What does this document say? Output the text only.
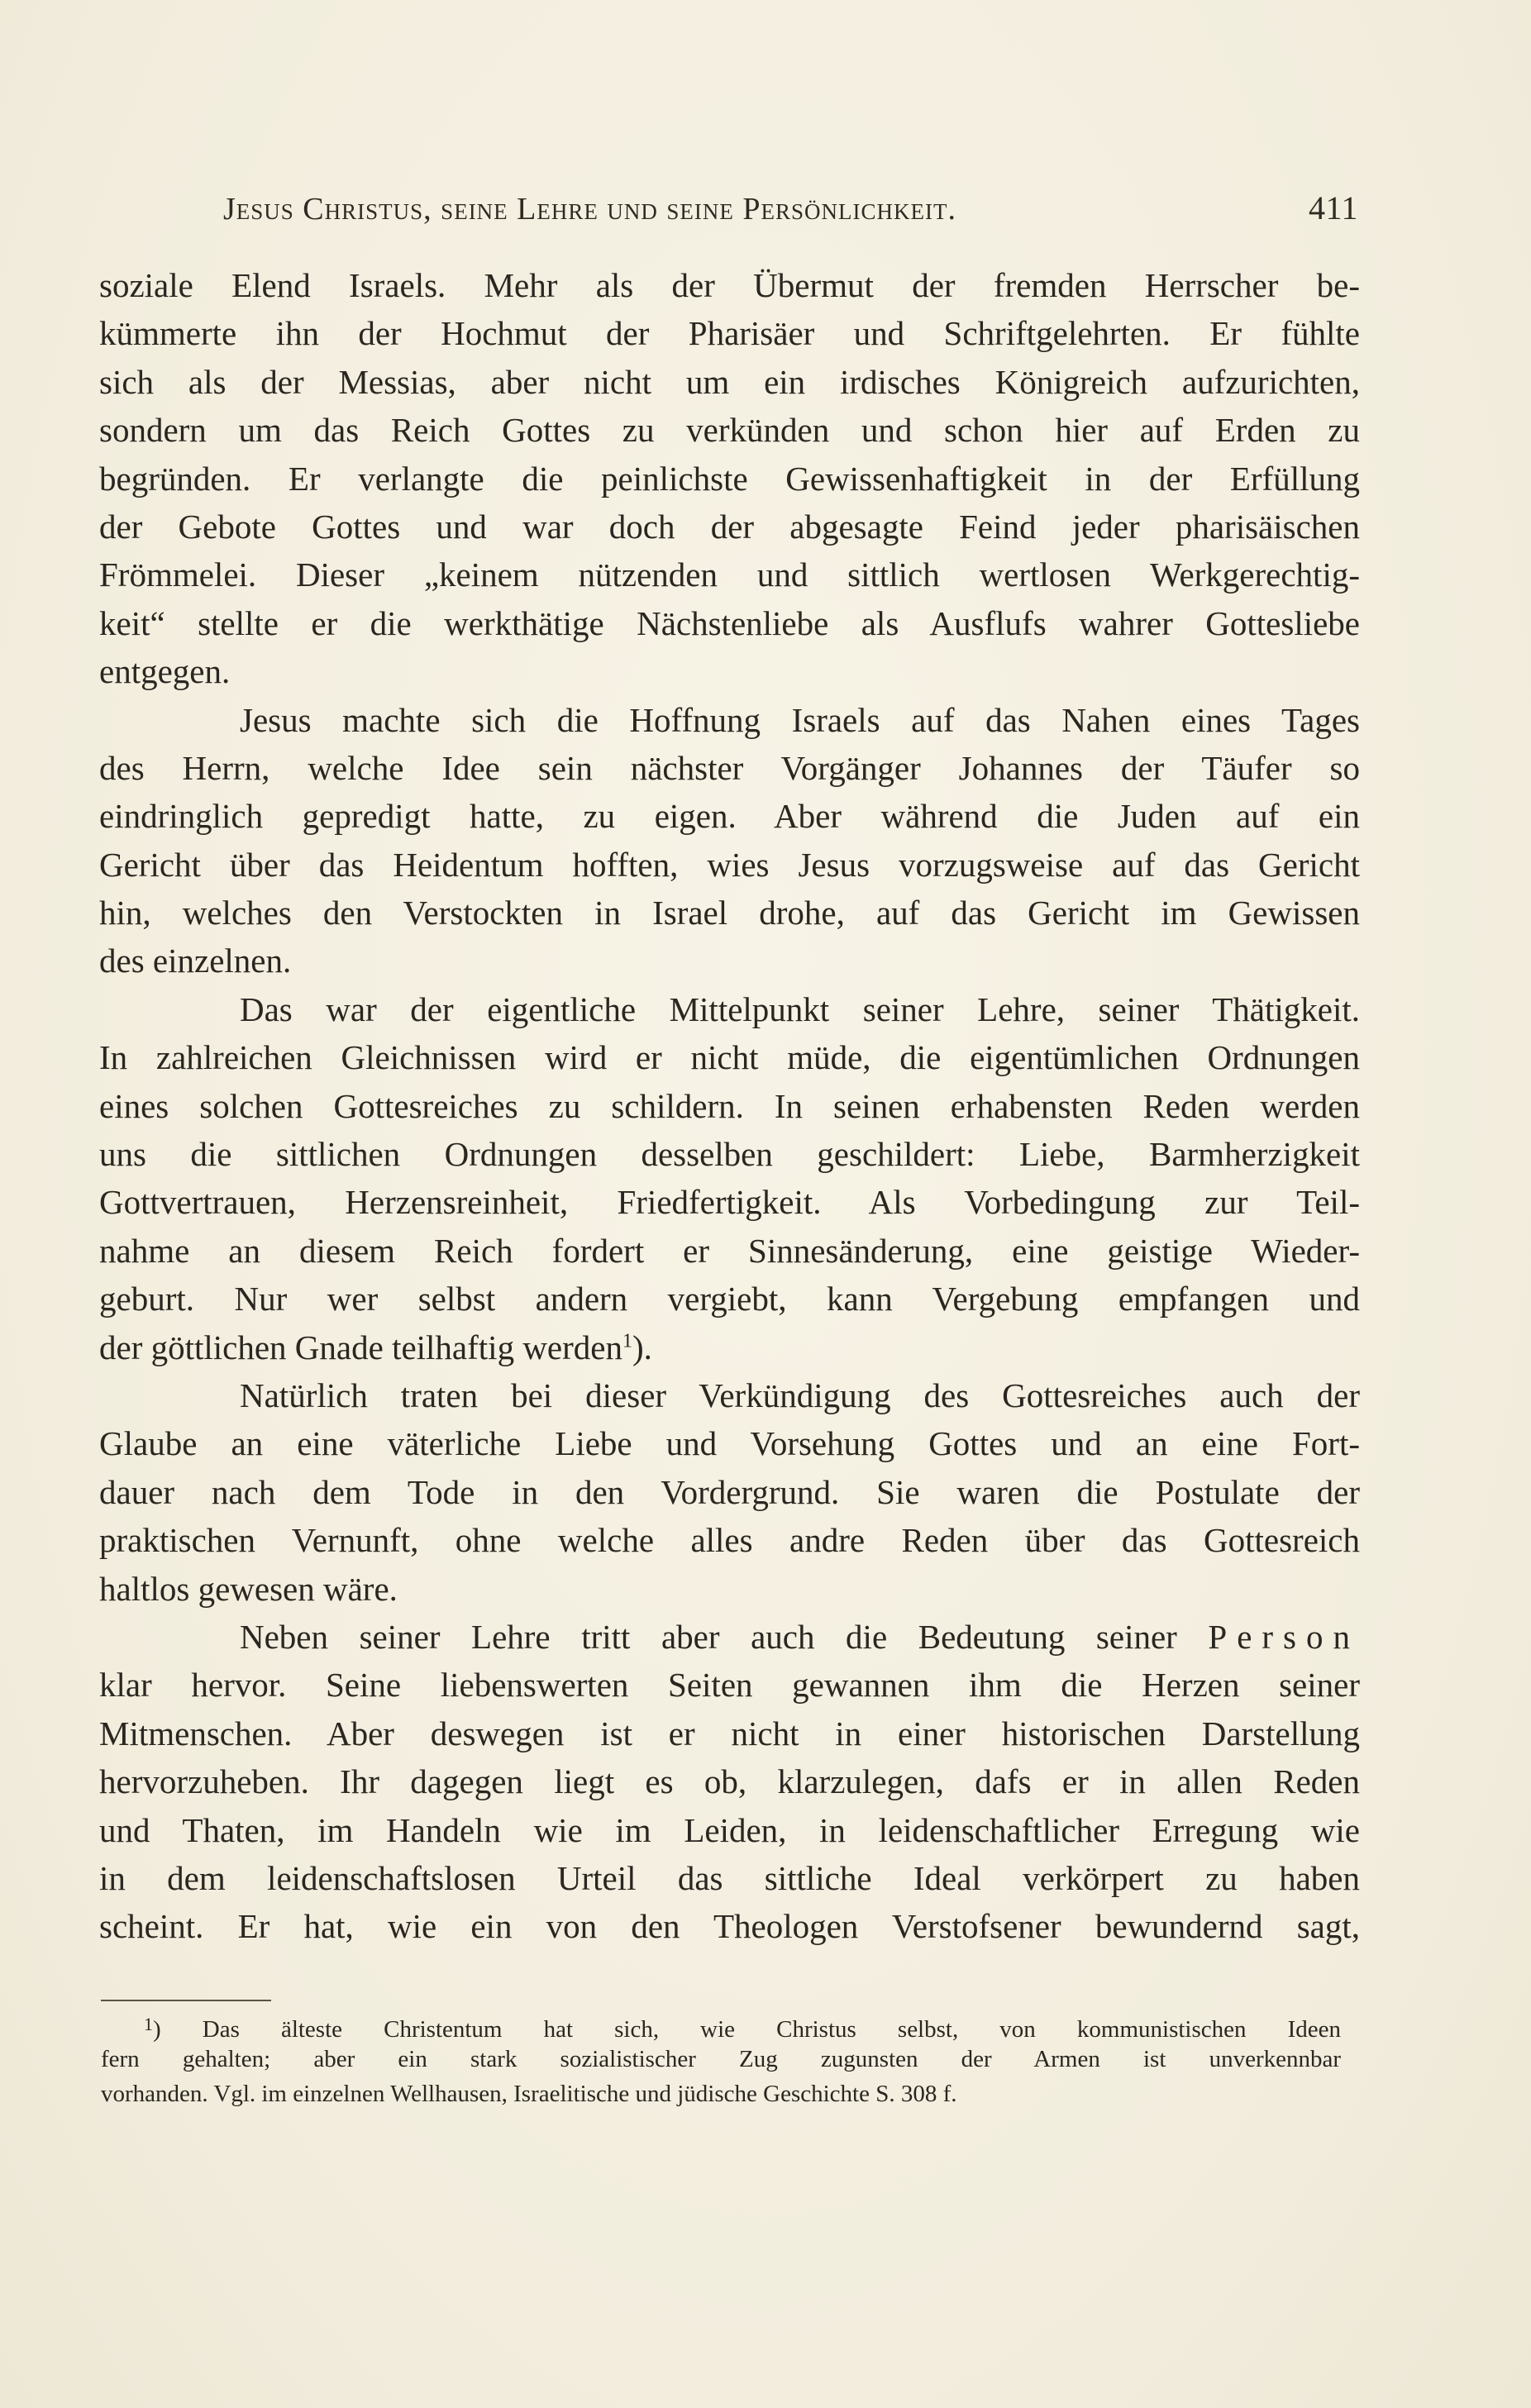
Jesus Christus, seine Lehre und seine Persönlichkeit.	411
soziale Elend Israels. Mehr als der Übermut der fremden Herrscher be-
kümmerte ihn der Hochmut der Pharisäer und Schriftgelehrten. Er fühlte
sich als der Messias, aber nicht um ein irdisches Königreich aufzurichten,
sondern um das Reich Gottes zu verkünden und schon hier auf Erden zu
begründen. Er verlangte die peinlichste Gewissenhaftigkeit in der Erfüllung
der Gebote Gottes und war doch der abgesagte Feind jeder pharisäischen
Frömmelei. Dieser „keinem nützenden und sittlich wertlosen Werkgerechtig-
keit“ stellte er die werkthätige Nächstenliebe als Ausflufs wahrer Gottesliebe
entgegen.
Jesus machte sich die Hoffnung Israels auf das Nahen eines Tages
des Herrn, welche Idee sein nächster Vorgänger Johannes der Täufer so
eindringlich gepredigt hatte, zu eigen. Aber während die Juden auf ein
Gericht über das Heidentum hofften, wies Jesus vorzugsweise auf das Gericht
hin, welches den Verstockten in Israel drohe, auf das Gericht im Gewissen
des einzelnen.
Das war der eigentliche Mittelpunkt seiner Lehre, seiner Thätigkeit.
In zahlreichen Gleichnissen wird er nicht müde, die eigentümlichen Ordnungen
eines solchen Gottesreiches zu schildern. In seinen erhabensten Reden werden
uns die sittlichen Ordnungen desselben geschildert: Liebe, Barmherzigkeit
Gottvertrauen, Herzensreinheit, Friedfertigkeit. Als Vorbedingung zur Teil-
nahme an diesem Reich fordert er Sinnesänderung, eine geistige Wieder-
geburt. Nur wer selbst andern vergiebt, kann Vergebung empfangen und
der göttlichen Gnade teilhaftig werden$^1$).
Natürlich traten bei dieser Verkündigung des Gottesreiches auch der
Glaube an eine väterliche Liebe und Vorsehung Gottes und an eine Fort-
dauer nach dem Tode in den Vordergrund. Sie waren die Postulate der
praktischen Vernunft, ohne welche alles andre Reden über das Gottesreich
haltlos gewesen wäre.
Neben seiner Lehre tritt aber auch die Bedeutung seiner Person
klar hervor. Seine liebenswerten Seiten gewannen ihm die Herzen seiner
Mitmenschen. Aber deswegen ist er nicht in einer historischen Darstellung
hervorzuheben. Ihr dagegen liegt es ob, klarzulegen, dafs er in allen Reden
und Thaten, im Handeln wie im Leiden, in leidenschaftlicher Erregung wie
in dem leidenschaftslosen Urteil das sittliche Ideal verkörpert zu haben
scheint. Er hat, wie ein von den Theologen Verstofsener bewundernd sagt,
$^1$) Das älteste Christentum hat sich, wie Christus selbst, von kommunistischen Ideen
fern gehalten; aber ein stark sozialistischer Zug zugunsten der Armen ist unverkennbar
vorhanden. Vgl. im einzelnen Wellhausen, Israelitische und jüdische Geschichte S. 308 f.
